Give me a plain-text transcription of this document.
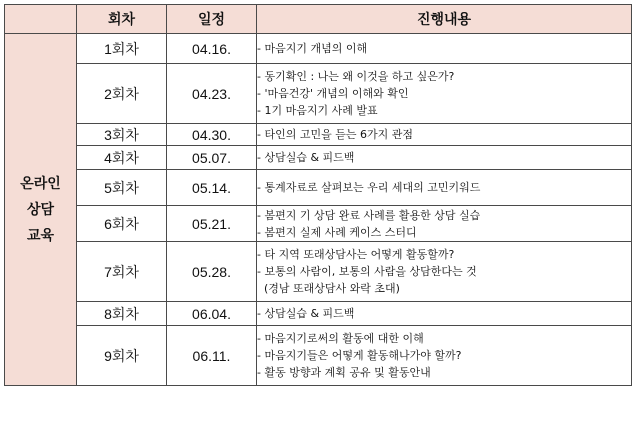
	회차	일정	진행내용
온라인
상담
교육	1회차	04.16.	- 마음지기 개념의 이해

	2회차	04.23.	- 동기확인 : 나는 왜 이것을 하고 싶은가?
- '마음건강' 개념의 이해와 확인
- 1기 마음지기 사례 발표

	3회차	04.30.	- 타인의 고민을 듣는 6가지 관점

	4회차	05.07.	- 상담실습 & 피드백

	5회차	05.14.	- 통계자료로 살펴보는 우리 세대의 고민키워드

	6회차	05.21.	- 봄편지 기 상담 완료 사례를 활용한 상담 실습
- 봄편지 실제 사례 케이스 스터디

	7회차	05.28.	- 타 지역 또래상담사는 어떻게 활동할까?
- 보통의 사람이, 보통의 사람을 상담한다는 것
(경남 또래상담사 와락 초대)

	8회차	06.04.	- 상담실습 & 피드백

	9회차	06.11.	- 마음지기로써의 활동에 대한 이해
- 마음지기들은 어떻게 활동해나가야 할까?
- 활동 방향과 계획 공유 및 활동안내
